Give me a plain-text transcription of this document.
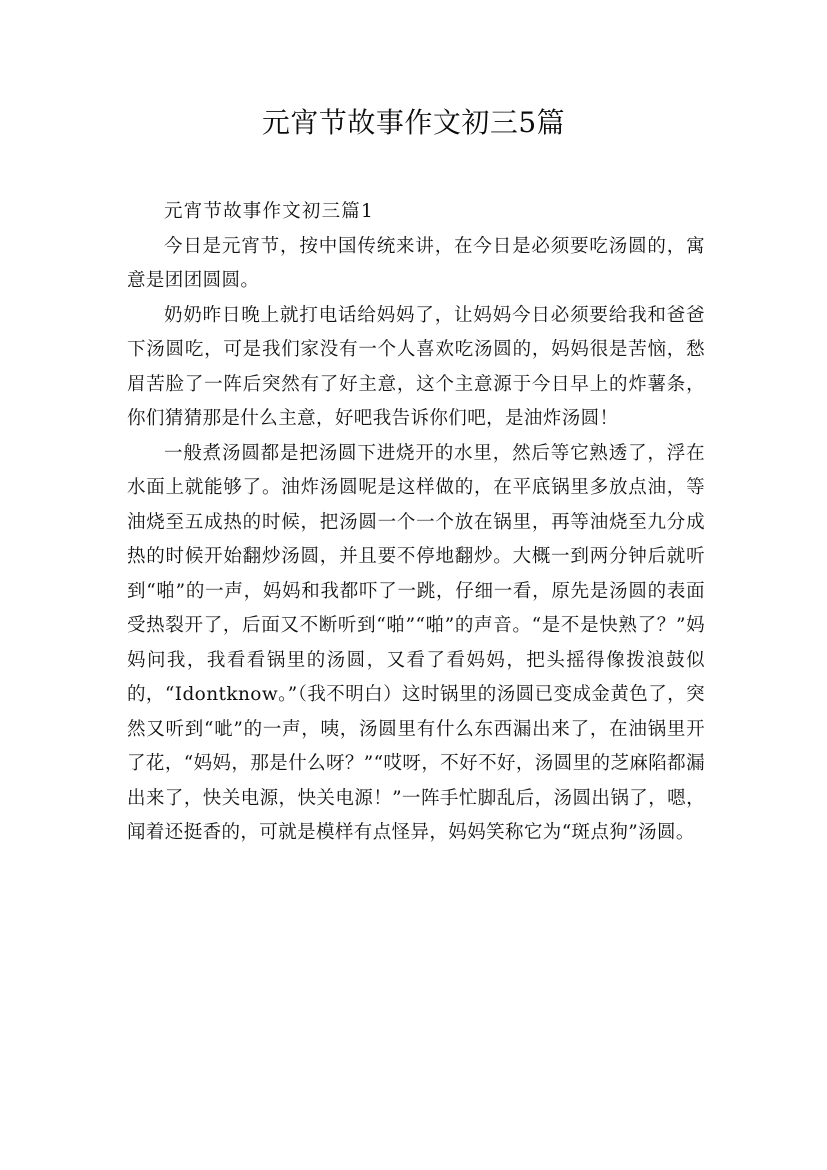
元宵节故事作文初三5篇

元宵节故事作文初三篇1

今日是元宵节，按中国传统来讲，在今日是必须要吃汤圆的，寓意是团团圆圆。

奶奶昨日晚上就打电话给妈妈了，让妈妈今日必须要给我和爸爸下汤圆吃，可是我们家没有一个人喜欢吃汤圆的，妈妈很是苦恼，愁眉苦脸了一阵后突然有了好主意，这个主意源于今日早上的炸薯条，你们猜猜那是什么主意，好吧我告诉你们吧，是油炸汤圆！

一般煮汤圆都是把汤圆下进烧开的水里，然后等它熟透了，浮在水面上就能够了。油炸汤圆呢是这样做的，在平底锅里多放点油，等油烧至五成热的时候，把汤圆一个一个放在锅里，再等油烧至九分成热的时候开始翻炒汤圆，并且要不停地翻炒。大概一到两分钟后就听到“啪”的一声，妈妈和我都吓了一跳，仔细一看，原先是汤圆的表面受热裂开了，后面又不断听到“啪”“啪”的声音。“是不是快熟了？”妈妈问我，我看看锅里的汤圆，又看了看妈妈，把头摇得像拨浪鼓似的，“Idontknow。”（我不明白）这时锅里的汤圆已变成金黄色了，突然又听到“呲”的一声，咦，汤圆里有什么东西漏出来了，在油锅里开了花，“妈妈，那是什么呀？”“哎呀，不好不好，汤圆里的芝麻陷都漏出来了，快关电源，快关电源！”一阵手忙脚乱后，汤圆出锅了，嗯，闻着还挺香的，可就是模样有点怪异，妈妈笑称它为“斑点狗”汤圆。
